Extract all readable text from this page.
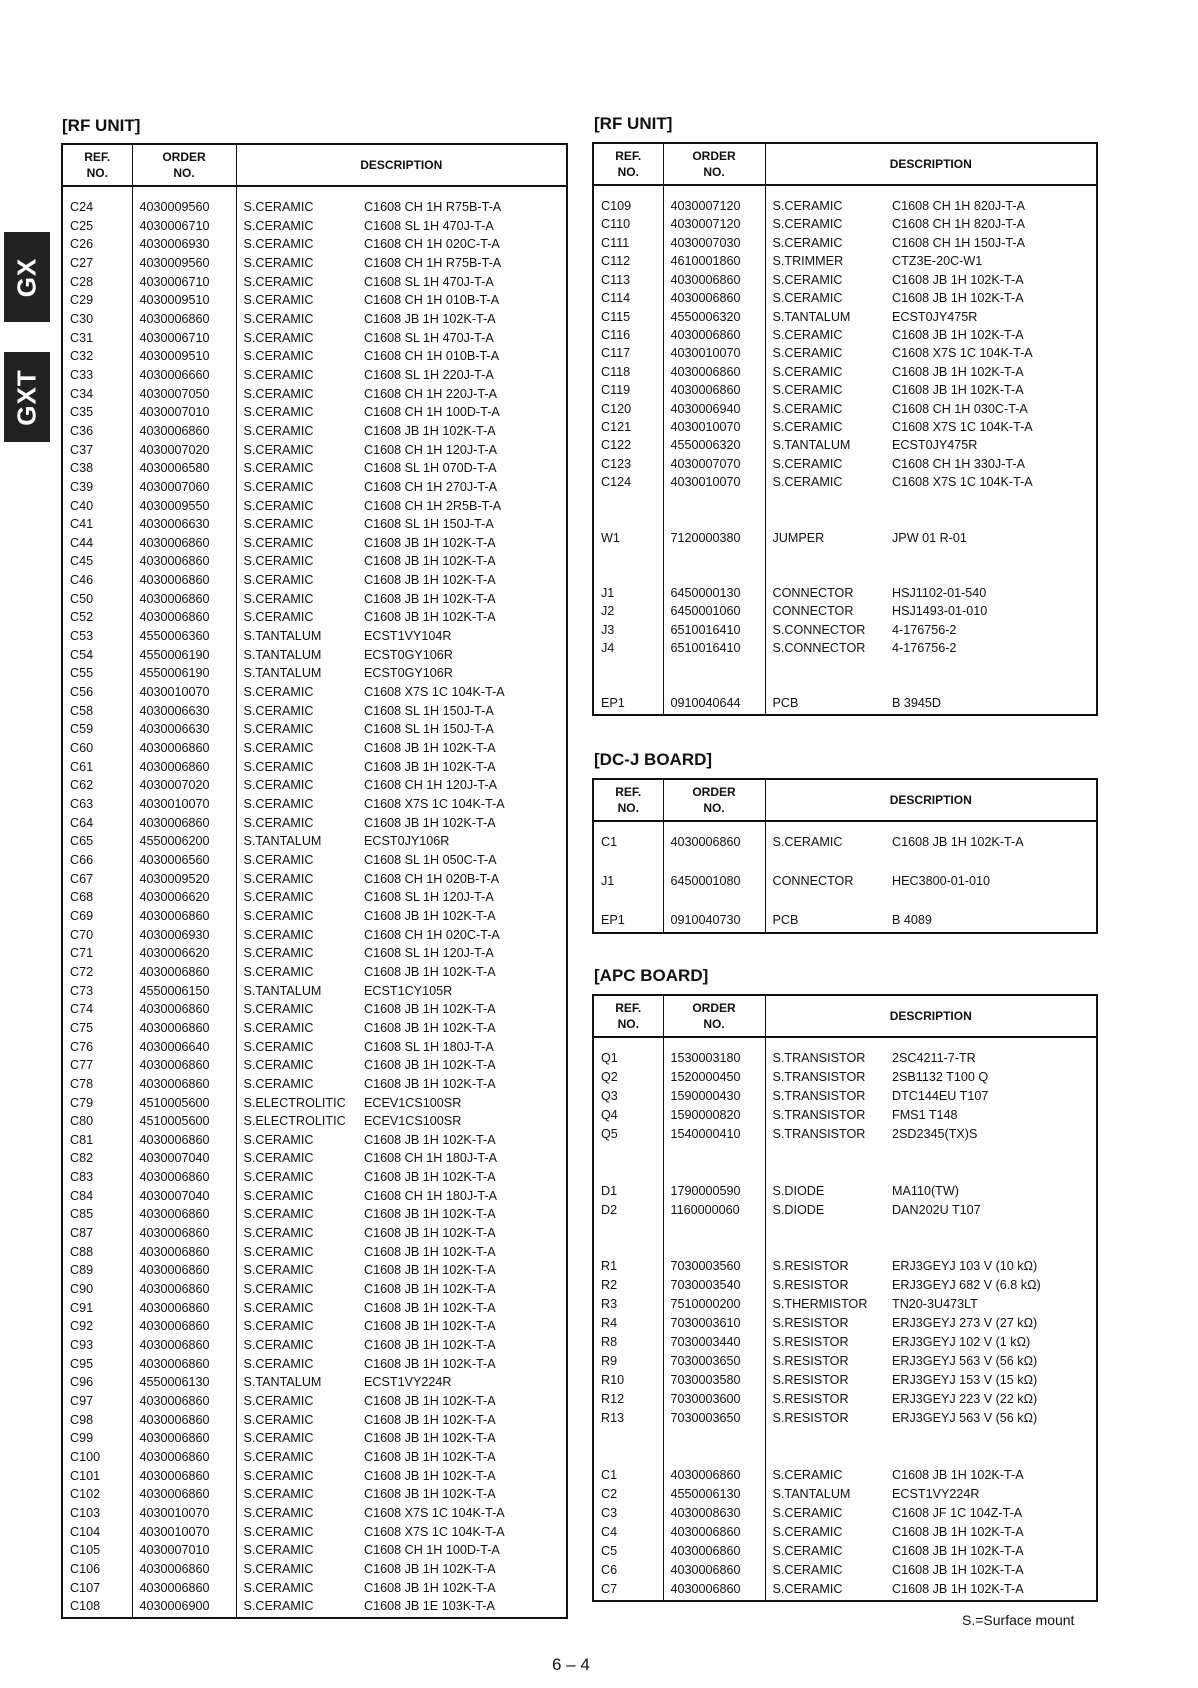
GX
GXT
[RF UNIT]
REF.
NO.	ORDER
NO.	DESCRIPTION	

C24	4030009560	S.CERAMIC	C1608 CH 1H R75B-T-A
C25	4030006710	S.CERAMIC	C1608 SL 1H 470J-T-A
C26	4030006930	S.CERAMIC	C1608 CH 1H 020C-T-A
C27	4030009560	S.CERAMIC	C1608 CH 1H R75B-T-A
C28	4030006710	S.CERAMIC	C1608 SL 1H 470J-T-A
C29	4030009510	S.CERAMIC	C1608 CH 1H 010B-T-A
C30	4030006860	S.CERAMIC	C1608 JB 1H 102K-T-A
C31	4030006710	S.CERAMIC	C1608 SL 1H 470J-T-A
C32	4030009510	S.CERAMIC	C1608 CH 1H 010B-T-A
C33	4030006660	S.CERAMIC	C1608 SL 1H 220J-T-A
C34	4030007050	S.CERAMIC	C1608 CH 1H 220J-T-A
C35	4030007010	S.CERAMIC	C1608 CH 1H 100D-T-A
C36	4030006860	S.CERAMIC	C1608 JB 1H 102K-T-A
C37	4030007020	S.CERAMIC	C1608 CH 1H 120J-T-A
C38	4030006580	S.CERAMIC	C1608 SL 1H 070D-T-A
C39	4030007060	S.CERAMIC	C1608 CH 1H 270J-T-A
C40	4030009550	S.CERAMIC	C1608 CH 1H 2R5B-T-A
C41	4030006630	S.CERAMIC	C1608 SL 1H 150J-T-A
C44	4030006860	S.CERAMIC	C1608 JB 1H 102K-T-A
C45	4030006860	S.CERAMIC	C1608 JB 1H 102K-T-A
C46	4030006860	S.CERAMIC	C1608 JB 1H 102K-T-A
C50	4030006860	S.CERAMIC	C1608 JB 1H 102K-T-A
C52	4030006860	S.CERAMIC	C1608 JB 1H 102K-T-A
C53	4550006360	S.TANTALUM	ECST1VY104R
C54	4550006190	S.TANTALUM	ECST0GY106R
C55	4550006190	S.TANTALUM	ECST0GY106R
C56	4030010070	S.CERAMIC	C1608 X7S 1C 104K-T-A
C58	4030006630	S.CERAMIC	C1608 SL 1H 150J-T-A
C59	4030006630	S.CERAMIC	C1608 SL 1H 150J-T-A
C60	4030006860	S.CERAMIC	C1608 JB 1H 102K-T-A
C61	4030006860	S.CERAMIC	C1608 JB 1H 102K-T-A
C62	4030007020	S.CERAMIC	C1608 CH 1H 120J-T-A
C63	4030010070	S.CERAMIC	C1608 X7S 1C 104K-T-A
C64	4030006860	S.CERAMIC	C1608 JB 1H 102K-T-A
C65	4550006200	S.TANTALUM	ECST0JY106R
C66	4030006560	S.CERAMIC	C1608 SL 1H 050C-T-A
C67	4030009520	S.CERAMIC	C1608 CH 1H 020B-T-A
C68	4030006620	S.CERAMIC	C1608 SL 1H 120J-T-A
C69	4030006860	S.CERAMIC	C1608 JB 1H 102K-T-A
C70	4030006930	S.CERAMIC	C1608 CH 1H 020C-T-A
C71	4030006620	S.CERAMIC	C1608 SL 1H 120J-T-A
C72	4030006860	S.CERAMIC	C1608 JB 1H 102K-T-A
C73	4550006150	S.TANTALUM	ECST1CY105R
C74	4030006860	S.CERAMIC	C1608 JB 1H 102K-T-A
C75	4030006860	S.CERAMIC	C1608 JB 1H 102K-T-A
C76	4030006640	S.CERAMIC	C1608 SL 1H 180J-T-A
C77	4030006860	S.CERAMIC	C1608 JB 1H 102K-T-A
C78	4030006860	S.CERAMIC	C1608 JB 1H 102K-T-A
C79	4510005600	S.ELECTROLITIC	ECEV1CS100SR
C80	4510005600	S.ELECTROLITIC	ECEV1CS100SR
C81	4030006860	S.CERAMIC	C1608 JB 1H 102K-T-A
C82	4030007040	S.CERAMIC	C1608 CH 1H 180J-T-A
C83	4030006860	S.CERAMIC	C1608 JB 1H 102K-T-A
C84	4030007040	S.CERAMIC	C1608 CH 1H 180J-T-A
C85	4030006860	S.CERAMIC	C1608 JB 1H 102K-T-A
C87	4030006860	S.CERAMIC	C1608 JB 1H 102K-T-A
C88	4030006860	S.CERAMIC	C1608 JB 1H 102K-T-A
C89	4030006860	S.CERAMIC	C1608 JB 1H 102K-T-A
C90	4030006860	S.CERAMIC	C1608 JB 1H 102K-T-A
C91	4030006860	S.CERAMIC	C1608 JB 1H 102K-T-A
C92	4030006860	S.CERAMIC	C1608 JB 1H 102K-T-A
C93	4030006860	S.CERAMIC	C1608 JB 1H 102K-T-A
C95	4030006860	S.CERAMIC	C1608 JB 1H 102K-T-A
C96	4550006130	S.TANTALUM	ECST1VY224R
C97	4030006860	S.CERAMIC	C1608 JB 1H 102K-T-A
C98	4030006860	S.CERAMIC	C1608 JB 1H 102K-T-A
C99	4030006860	S.CERAMIC	C1608 JB 1H 102K-T-A
C100	4030006860	S.CERAMIC	C1608 JB 1H 102K-T-A
C101	4030006860	S.CERAMIC	C1608 JB 1H 102K-T-A
C102	4030006860	S.CERAMIC	C1608 JB 1H 102K-T-A
C103	4030010070	S.CERAMIC	C1608 X7S 1C 104K-T-A
C104	4030010070	S.CERAMIC	C1608 X7S 1C 104K-T-A
C105	4030007010	S.CERAMIC	C1608 CH 1H 100D-T-A
C106	4030006860	S.CERAMIC	C1608 JB 1H 102K-T-A
C107	4030006860	S.CERAMIC	C1608 JB 1H 102K-T-A
C108	4030006900	S.CERAMIC	C1608 JB 1E 103K-T-A

[RF UNIT]
REF.
NO.	ORDER
NO.	DESCRIPTION	

C109	4030007120	S.CERAMIC	C1608 CH 1H 820J-T-A
C110	4030007120	S.CERAMIC	C1608 CH 1H 820J-T-A
C111	4030007030	S.CERAMIC	C1608 CH 1H 150J-T-A
C112	4610001860	S.TRIMMER	CTZ3E-20C-W1
C113	4030006860	S.CERAMIC	C1608 JB 1H 102K-T-A
C114	4030006860	S.CERAMIC	C1608 JB 1H 102K-T-A
C115	4550006320	S.TANTALUM	ECST0JY475R
C116	4030006860	S.CERAMIC	C1608 JB 1H 102K-T-A
C117	4030010070	S.CERAMIC	C1608 X7S 1C 104K-T-A
C118	4030006860	S.CERAMIC	C1608 JB 1H 102K-T-A
C119	4030006860	S.CERAMIC	C1608 JB 1H 102K-T-A
C120	4030006940	S.CERAMIC	C1608 CH 1H 030C-T-A
C121	4030010070	S.CERAMIC	C1608 X7S 1C 104K-T-A
C122	4550006320	S.TANTALUM	ECST0JY475R
C123	4030007070	S.CERAMIC	C1608 CH 1H 330J-T-A
C124	4030010070	S.CERAMIC	C1608 X7S 1C 104K-T-A

W1	7120000380	JUMPER	JPW 01 R-01

J1	6450000130	CONNECTOR	HSJ1102-01-540
J2	6450001060	CONNECTOR	HSJ1493-01-010
J3	6510016410	S.CONNECTOR	4-176756-2
J4	6510016410	S.CONNECTOR	4-176756-2

EP1	0910040644	PCB	B 3945D

[DC-J BOARD]
REF.
NO.	ORDER
NO.	DESCRIPTION	

C1	4030006860	S.CERAMIC	C1608 JB 1H 102K-T-A

J1	6450001080	CONNECTOR	HEC3800-01-010

EP1	0910040730	PCB	B 4089

[APC BOARD]
REF.
NO.	ORDER
NO.	DESCRIPTION	

Q1	1530003180	S.TRANSISTOR	2SC4211-7-TR
Q2	1520000450	S.TRANSISTOR	2SB1132 T100 Q
Q3	1590000430	S.TRANSISTOR	DTC144EU T107
Q4	1590000820	S.TRANSISTOR	FMS1 T148
Q5	1540000410	S.TRANSISTOR	2SD2345(TX)S

D1	1790000590	S.DIODE	MA110(TW)
D2	1160000060	S.DIODE	DAN202U T107

R1	7030003560	S.RESISTOR	ERJ3GEYJ 103 V (10 kΩ)
R2	7030003540	S.RESISTOR	ERJ3GEYJ 682 V (6.8 kΩ)
R3	7510000200	S.THERMISTOR	TN20-3U473LT
R4	7030003610	S.RESISTOR	ERJ3GEYJ 273 V (27 kΩ)
R8	7030003440	S.RESISTOR	ERJ3GEYJ 102 V (1 kΩ)
R9	7030003650	S.RESISTOR	ERJ3GEYJ 563 V (56 kΩ)
R10	7030003580	S.RESISTOR	ERJ3GEYJ 153 V (15 kΩ)
R12	7030003600	S.RESISTOR	ERJ3GEYJ 223 V (22 kΩ)
R13	7030003650	S.RESISTOR	ERJ3GEYJ 563 V (56 kΩ)

C1	4030006860	S.CERAMIC	C1608 JB 1H 102K-T-A
C2	4550006130	S.TANTALUM	ECST1VY224R
C3	4030008630	S.CERAMIC	C1608 JF 1C 104Z-T-A
C4	4030006860	S.CERAMIC	C1608 JB 1H 102K-T-A
C5	4030006860	S.CERAMIC	C1608 JB 1H 102K-T-A
C6	4030006860	S.CERAMIC	C1608 JB 1H 102K-T-A
C7	4030006860	S.CERAMIC	C1608 JB 1H 102K-T-A

S.=Surface mount
6 – 4
